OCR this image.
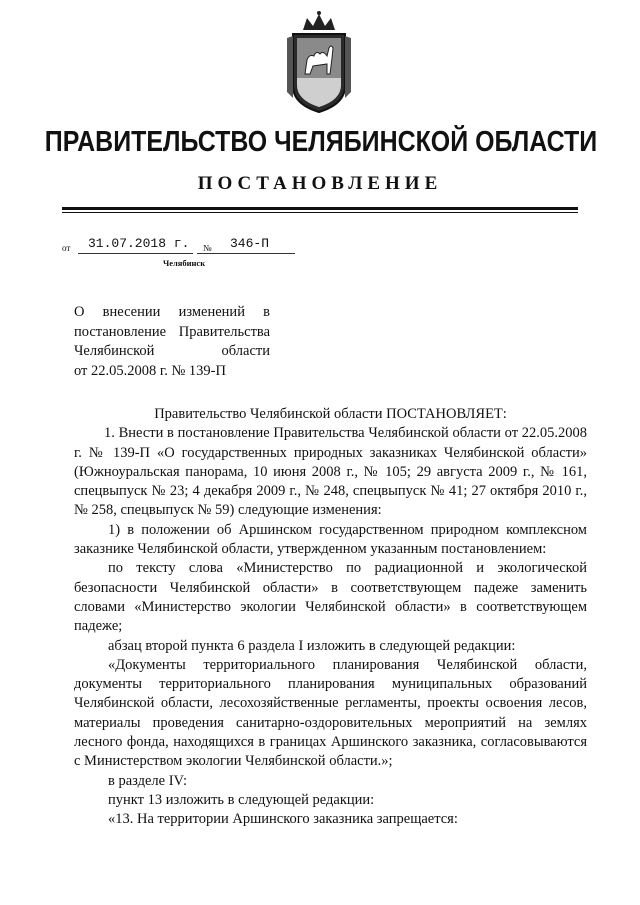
ПРАВИТЕЛЬСТВО ЧЕЛЯБИНСКОЙ ОБЛАСТИ
ПОСТАНОВЛЕНИЕ
от 31.07.2018 г. № 346-П
Челябинск
О внесении изменений в
постановление Правительства
Челябинской области
от 22.05.2008 г. № 139-П

Правительство Челябинской области ПОСТАНОВЛЯЕТ:

1. Внести в постановление Правительства Челябинской области от 22.05.2008 г. № 139-П «О государственных природных заказниках Челябинской области» (Южноуральская панорама, 10 июня 2008 г., № 105; 29 августа 2009 г., № 161, спецвыпуск № 23; 4 декабря 2009 г., № 248, спецвыпуск № 41; 27 октября 2010 г., № 258, спецвыпуск № 59) следующие изменения:

1) в положении об Аршинском государственном природном комплексном заказнике Челябинской области, утвержденном указанным постановлением:

по тексту слова «Министерство по радиационной и экологической безопасности Челябинской области» в соответствующем падеже заменить словами «Министерство экологии Челябинской области» в соответствующем падеже;

абзац второй пункта 6 раздела I изложить в следующей редакции:

«Документы территориального планирования Челябинской области, документы территориального планирования муниципальных образований Челябинской области, лесохозяйственные регламенты, проекты освоения лесов, материалы проведения санитарно-оздоровительных мероприятий на землях лесного фонда, находящихся в границах Аршинского заказника, согласовываются с Министерством экологии Челябинской области.»;

в разделе IV:

пункт 13 изложить в следующей редакции:

«13. На территории Аршинского заказника запрещается:
